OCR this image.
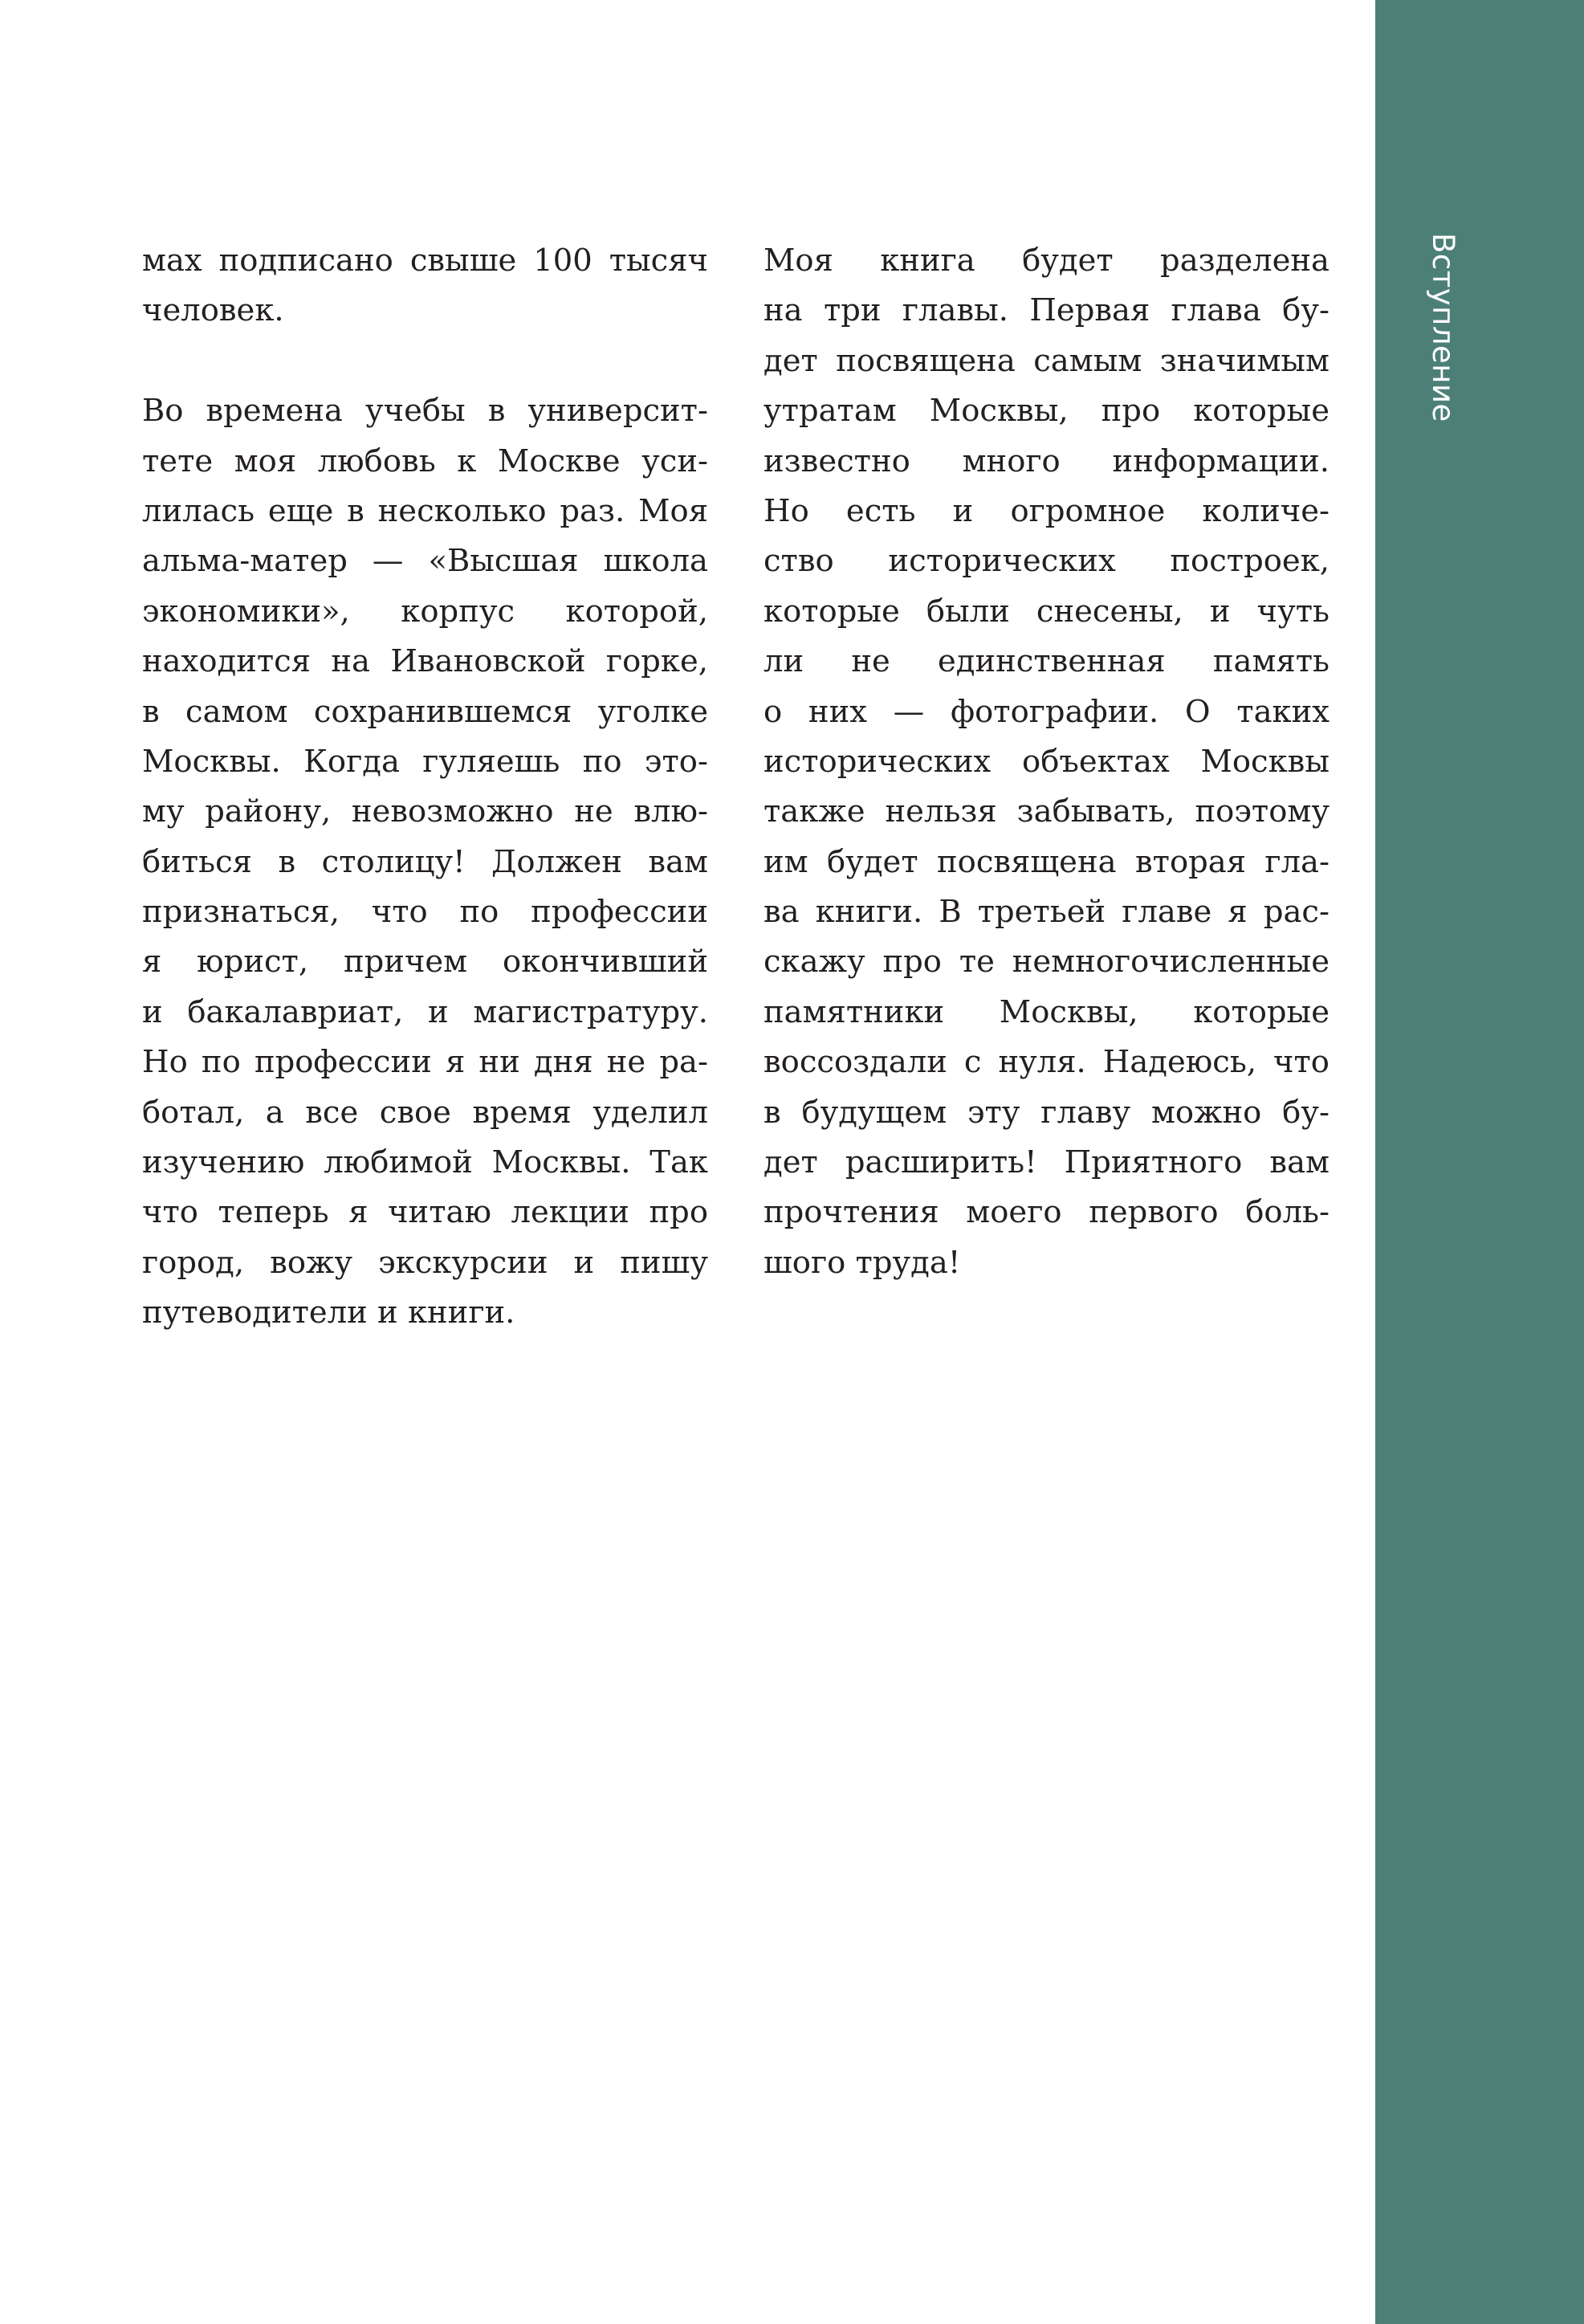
мах подписано свыше 100 тысяч
человек.
Во времена учебы в университ-
тете моя любовь к Москве уси-
лилась еще в несколько раз. Моя
альма-матер — «Высшая школа
экономики», корпус которой,
находится на Ивановской горке,
в самом сохранившемся уголке
Москвы. Когда гуляешь по это-
му району, невозможно не влю-
биться в столицу! Должен вам
признаться, что по профессии
я юрист, причем окончивший
и бакалавриат, и магистратуру.
Но по профессии я ни дня не ра-
ботал, а все свое время уделил
изучению любимой Москвы. Так
что теперь я читаю лекции про
город, вожу экскурсии и пишу
путеводители и книги.
Моя книга будет разделена
на три главы. Первая глава бу-
дет посвящена самым значимым
утратам Москвы, про которые
известно много информации.
Но есть и огромное количе-
ство исторических построек,
которые были снесены, и чуть
ли не единственная память
о них — фотографии. О таких
исторических объектах Москвы
также нельзя забывать, поэтому
им будет посвящена вторая гла-
ва книги. В третьей главе я рас-
скажу про те немногочисленные
памятники Москвы, которые
воссоздали с нуля. Надеюсь, что
в будущем эту главу можно бу-
дет расширить! Приятного вам
прочтения моего первого боль-
шого труда!
Вступление
